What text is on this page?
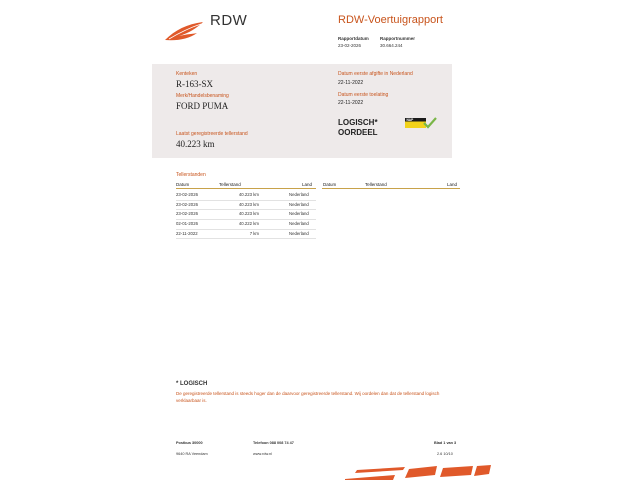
RDW	RDW-Voertuigrapport
Rapportdatum
23-02-2026
Rapportnummer
30.664.244
Kenteken
R-163-SX
Merk/Handelsbenaming
FORD PUMA
Laatst geregistreerde tellerstand
40.223 km
Datum eerste afgifte in Nederland
22-11-2022
Datum eerste toelating
22-11-2022
LOGISCH*
OORDEEL
NAP
Tellerstanden
Datum	Tellerstand	Land Datum	Tellerstand	Land
23-02-2026	40.223 km	Nederland
23-02-2026	40.223 km	Nederland
23-02-2026	40.223 km	Nederland
02-01-2026	40.222 km	Nederland
22-11-2022	7 km	Nederland
* LOGISCH
De geregistreerde tellerstand is steeds hoger dan de daarvoor geregistreerde tellerstand. Wij oordelen dan dat de tellerstand logisch verklaarbaar is.
Postbus 30000
9640 RA Veendam
Telefoon 088 008 74 47
www.rdw.nl
Blad 1 van 3
2.6 10/10
